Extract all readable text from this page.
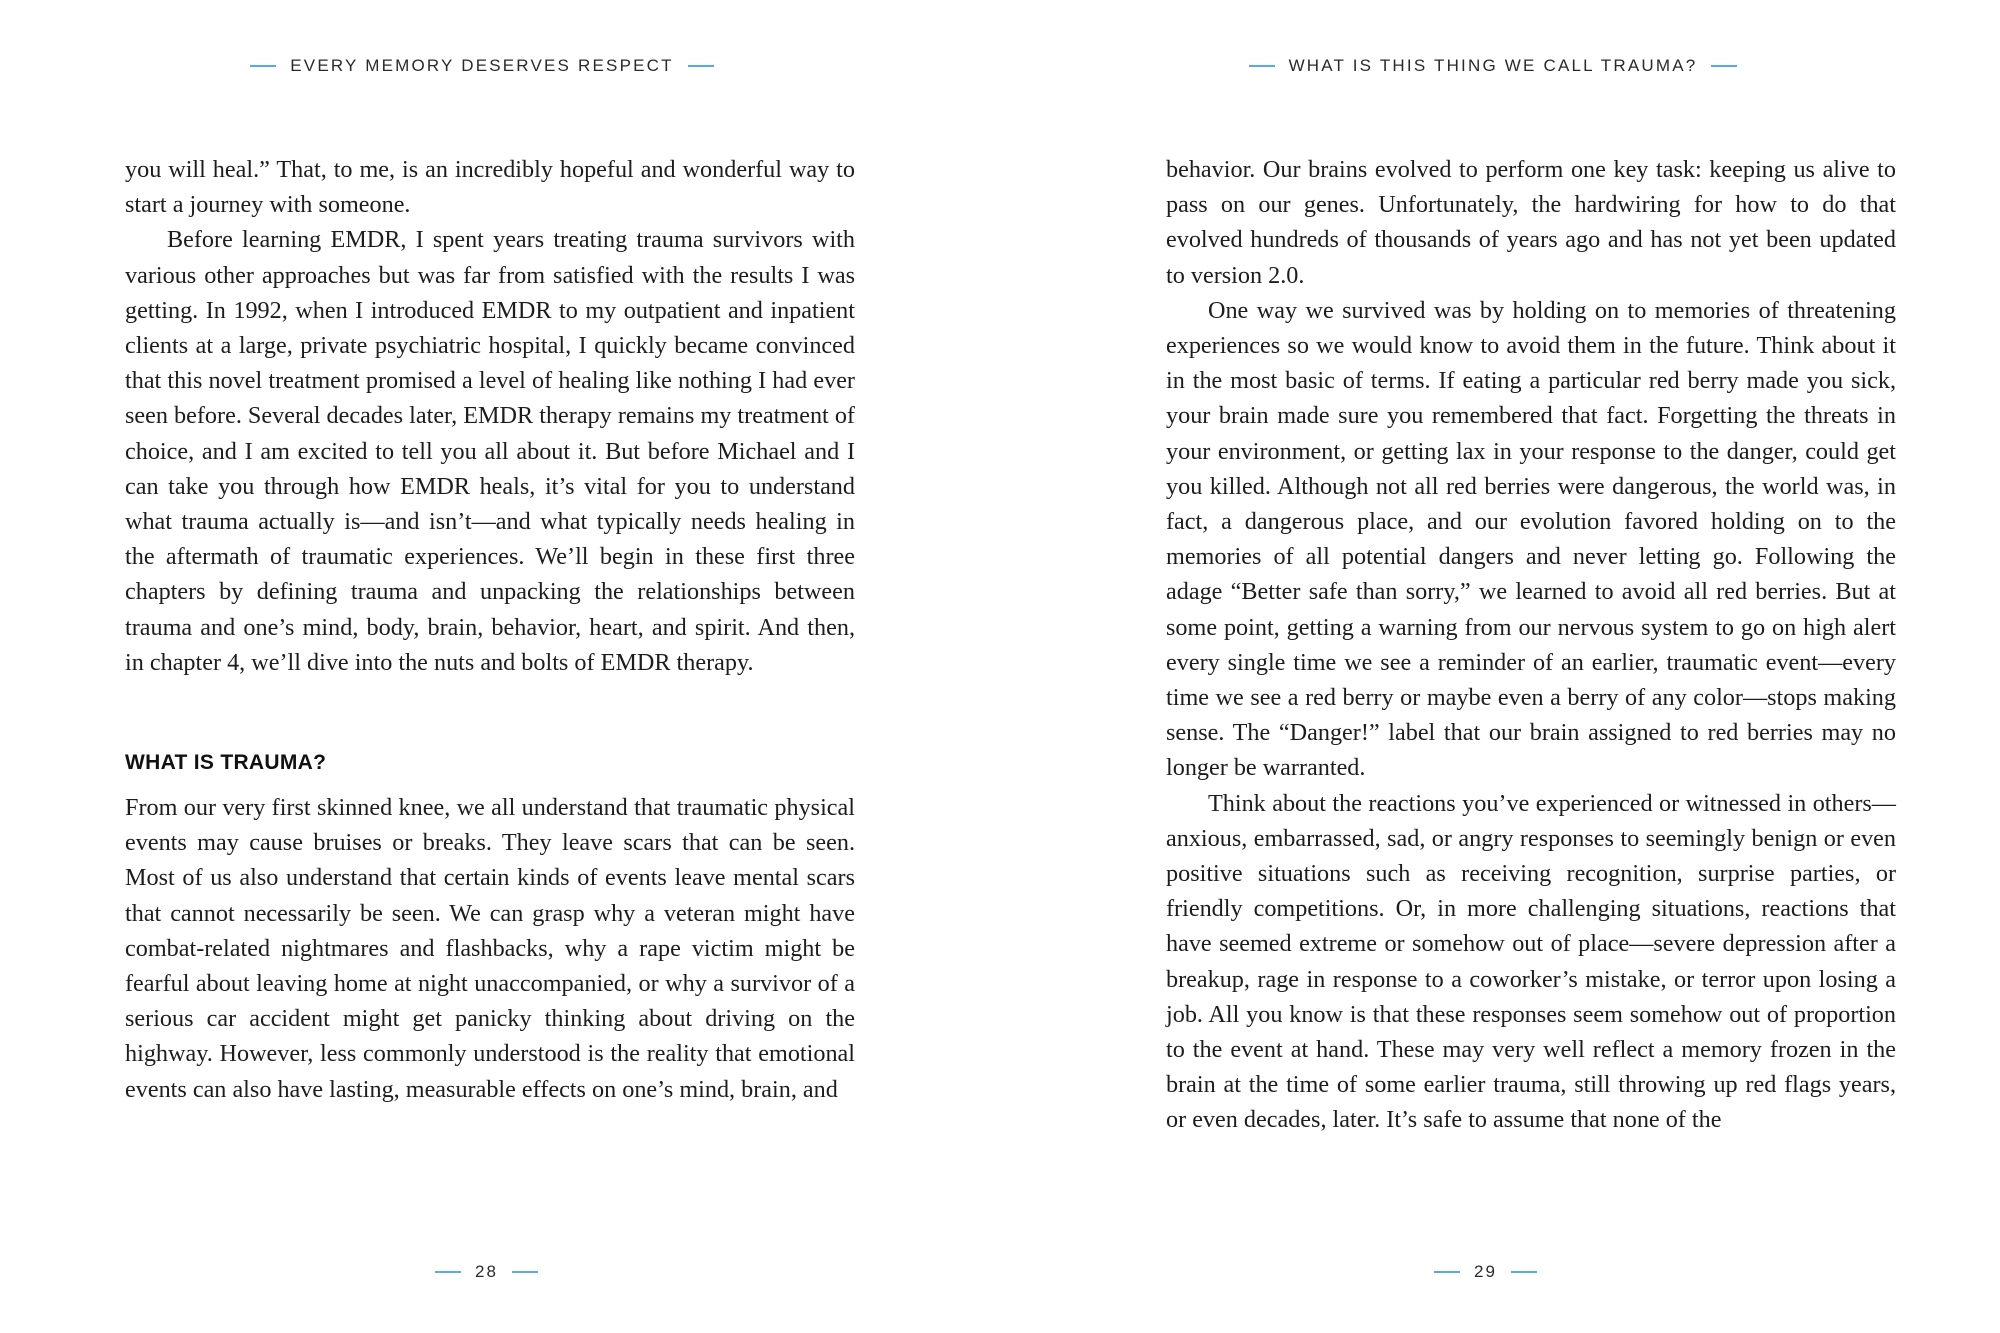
EVERY MEMORY DESERVES RESPECT

you will heal.” That, to me, is an incredibly hopeful and wonderful way to start a journey with someone.

Before learning EMDR, I spent years treating trauma survivors with various other approaches but was far from satisfied with the results I was getting. In 1992, when I introduced EMDR to my outpatient and inpatient clients at a large, private psychiatric hospital, I quickly became convinced that this novel treatment promised a level of healing like nothing I had ever seen before. Several decades later, EMDR therapy remains my treatment of choice, and I am excited to tell you all about it. But before Michael and I can take you through how EMDR heals, it’s vital for you to understand what trauma actually is—and isn’t—and what typically needs healing in the aftermath of traumatic experiences. We’ll begin in these first three chapters by defining trauma and unpacking the relationships between trauma and one’s mind, body, brain, behavior, heart, and spirit. And then, in chapter 4, we’ll dive into the nuts and bolts of EMDR therapy.

WHAT IS TRAUMA?

From our very first skinned knee, we all understand that traumatic physical events may cause bruises or breaks. They leave scars that can be seen. Most of us also understand that certain kinds of events leave mental scars that cannot necessarily be seen. We can grasp why a veteran might have combat-related nightmares and flashbacks, why a rape victim might be fearful about leaving home at night unaccompanied, or why a survivor of a serious car accident might get panicky thinking about driving on the highway. However, less commonly understood is the reality that emotional events can also have lasting, measurable effects on one’s mind, brain, and

28
WHAT IS THIS THING WE CALL TRAUMA?

behavior. Our brains evolved to perform one key task: keeping us alive to pass on our genes. Unfortunately, the hardwiring for how to do that evolved hundreds of thousands of years ago and has not yet been updated to version 2.0.

One way we survived was by holding on to memories of threatening experiences so we would know to avoid them in the future. Think about it in the most basic of terms. If eating a particular red berry made you sick, your brain made sure you remembered that fact. Forgetting the threats in your environment, or getting lax in your response to the danger, could get you killed. Although not all red berries were dangerous, the world was, in fact, a dangerous place, and our evolution favored holding on to the memories of all potential dangers and never letting go. Following the adage “Better safe than sorry,” we learned to avoid all red berries. But at some point, getting a warning from our nervous system to go on high alert every single time we see a reminder of an earlier, traumatic event—every time we see a red berry or maybe even a berry of any color—stops making sense. The “Danger!” label that our brain assigned to red berries may no longer be warranted.

Think about the reactions you’ve experienced or witnessed in others—anxious, embarrassed, sad, or angry responses to seemingly benign or even positive situations such as receiving recognition, surprise parties, or friendly competitions. Or, in more challenging situations, reactions that have seemed extreme or somehow out of place—severe depression after a breakup, rage in response to a coworker’s mistake, or terror upon losing a job. All you know is that these responses seem somehow out of proportion to the event at hand. These may very well reflect a memory frozen in the brain at the time of some earlier trauma, still throwing up red flags years, or even decades, later. It’s safe to assume that none of the

29
